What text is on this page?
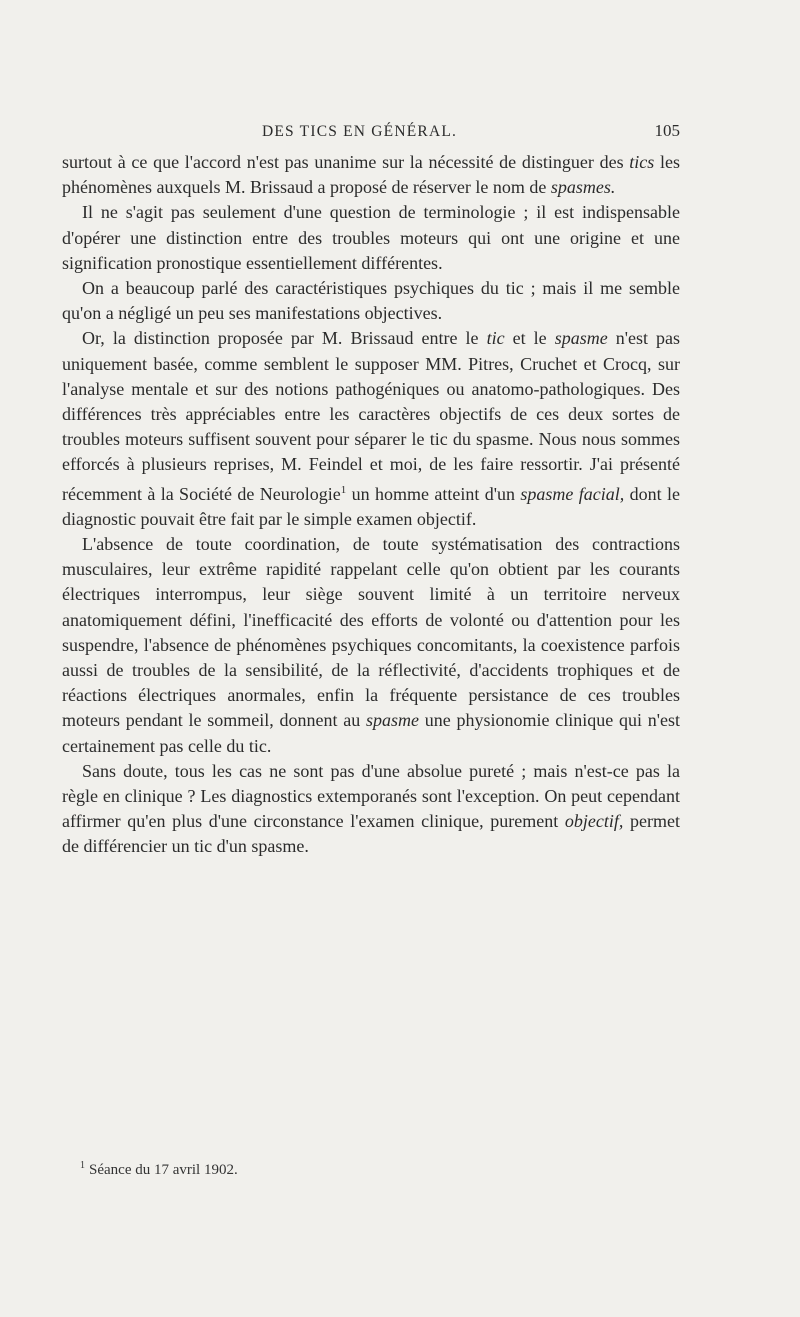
DES TICS EN GÉNÉRAL.	105

surtout à ce que l'accord n'est pas unanime sur la nécessité de distinguer des tics les phénomènes auxquels M. Brissaud a proposé de réserver le nom de spasmes.

Il ne s'agit pas seulement d'une question de terminologie ; il est indispensable d'opérer une distinction entre des troubles moteurs qui ont une origine et une signification pronostique essentiellement différentes.

On a beaucoup parlé des caractéristiques psychiques du tic ; mais il me semble qu'on a négligé un peu ses manifestations objectives.

Or, la distinction proposée par M. Brissaud entre le tic et le spasme n'est pas uniquement basée, comme semblent le supposer MM. Pitres, Cruchet et Crocq, sur l'analyse mentale et sur des notions pathogéniques ou anatomo-pathologiques. Des différences très appréciables entre les caractères objectifs de ces deux sortes de troubles moteurs suffisent souvent pour séparer le tic du spasme. Nous nous sommes efforcés à plusieurs reprises, M. Feindel et moi, de les faire ressortir. J'ai présenté récemment à la Société de Neurologie$^1$ un homme atteint d'un spasme facial, dont le diagnostic pouvait être fait par le simple examen objectif.

L'absence de toute coordination, de toute systématisation des contractions musculaires, leur extrême rapidité rappelant celle qu'on obtient par les courants électriques interrompus, leur siège souvent limité à un territoire nerveux anatomiquement défini, l'inefficacité des efforts de volonté ou d'attention pour les suspendre, l'absence de phénomènes psychiques concomitants, la coexistence parfois aussi de troubles de la sensibilité, de la réflectivité, d'accidents trophiques et de réactions électriques anormales, enfin la fréquente persistance de ces troubles moteurs pendant le sommeil, donnent au spasme une physionomie clinique qui n'est certainement pas celle du tic.

Sans doute, tous les cas ne sont pas d'une absolue pureté ; mais n'est-ce pas la règle en clinique ? Les diagnostics extemporanés sont l'exception. On peut cependant affirmer qu'en plus d'une circonstance l'examen clinique, purement objectif, permet de différencier un tic d'un spasme.

$^1$ Séance du 17 avril 1902.
